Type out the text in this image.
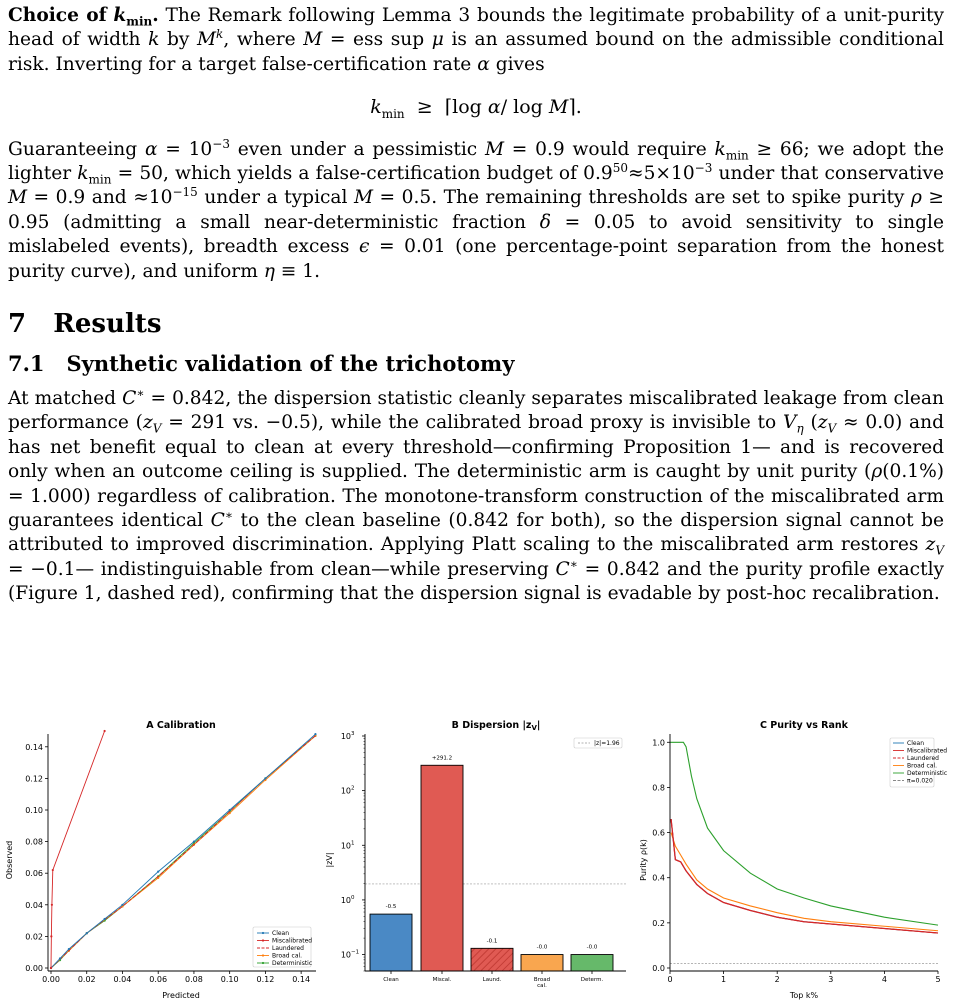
Choice of $k_{min}$. The Remark following Lemma 3 bounds the legitimate probability of a unit-purity head of width k by $M^k$, where M = ess sup μ is an assumed bound on the admissible conditional risk. Inverting for a target false-certification rate α gives

$k_{min}$  ≥  ⌈log α/ log M⌉.

Guaranteeing $\alpha = 10^{-3}$ even under a pessimistic M = 0.9 would require $k_{min} \ge 66$; we adopt the lighter $k_{min} = 50$, which yields a false-certification budget of $0.9^{50}\approx 5\times 10^{-3}$ under that conservative M = 0.9 and $\approx 10^{-15}$ under a typical M = 0.5. The remaining thresholds are set to spike purity ρ ≥ 0.95 (admitting a small near-deterministic fraction δ = 0.05 to avoid sensitivity to single mislabeled events), breadth excess ϵ = 0.01 (one percentage-point separation from the honest purity curve), and uniform η ≡ 1.

7 Results
7.1 Synthetic validation of the trichotomy

At matched C∗ = 0.842, the dispersion statistic cleanly separates miscalibrated leakage from clean performance ($z_V = 291$ vs. −0.5), while the calibrated broad proxy is invisible to $V_\eta$ $(z_V \approx 0.0)$ and has net benefit equal to clean at every threshold—confirming Proposition 1— and is recovered only when an outcome ceiling is supplied. The deterministic arm is caught by unit purity (ρ(0.1%) = 1.000) regardless of calibration. The monotone-transform construction of the miscalibrated arm guarantees identical C∗ to the clean baseline (0.842 for both), so the dispersion signal cannot be attributed to improved discrimination. Applying Platt scaling to the miscalibrated arm restores $z_V$ = −0.1— indistinguishable from clean—while preserving C∗ = 0.842 and the purity profile exactly (Figure 1, dashed red), confirming that the dispersion signal is evadable by post-hoc recalibration.

A Calibration
Predicted
Observed
0.00
0.00
0.02
0.02
0.04
0.04
0.06
0.06
0.08
0.08
0.10
0.10
0.12
0.12
0.14
0.14
Clean
Miscalibrated
Laundered
Broad cal.
Deterministic
B Dispersion $|z_V|$
|zV|
10 3
10 2
10 1
10 0
10 −1
-0.5
Clean
+291.2
Miscal.
-0.1
Laund.
-0.0
Broad
cal.
-0.0
Determ.
|z|=1.96
C Purity vs Rank
Top k%
Purity ρ(k)
0	1	2	3	4	5
0.0
0.2
0.4
0.6
0.8
1.0	Clean
Miscalibrated
Laundered
Broad cal.
Deterministic
π=0.020
